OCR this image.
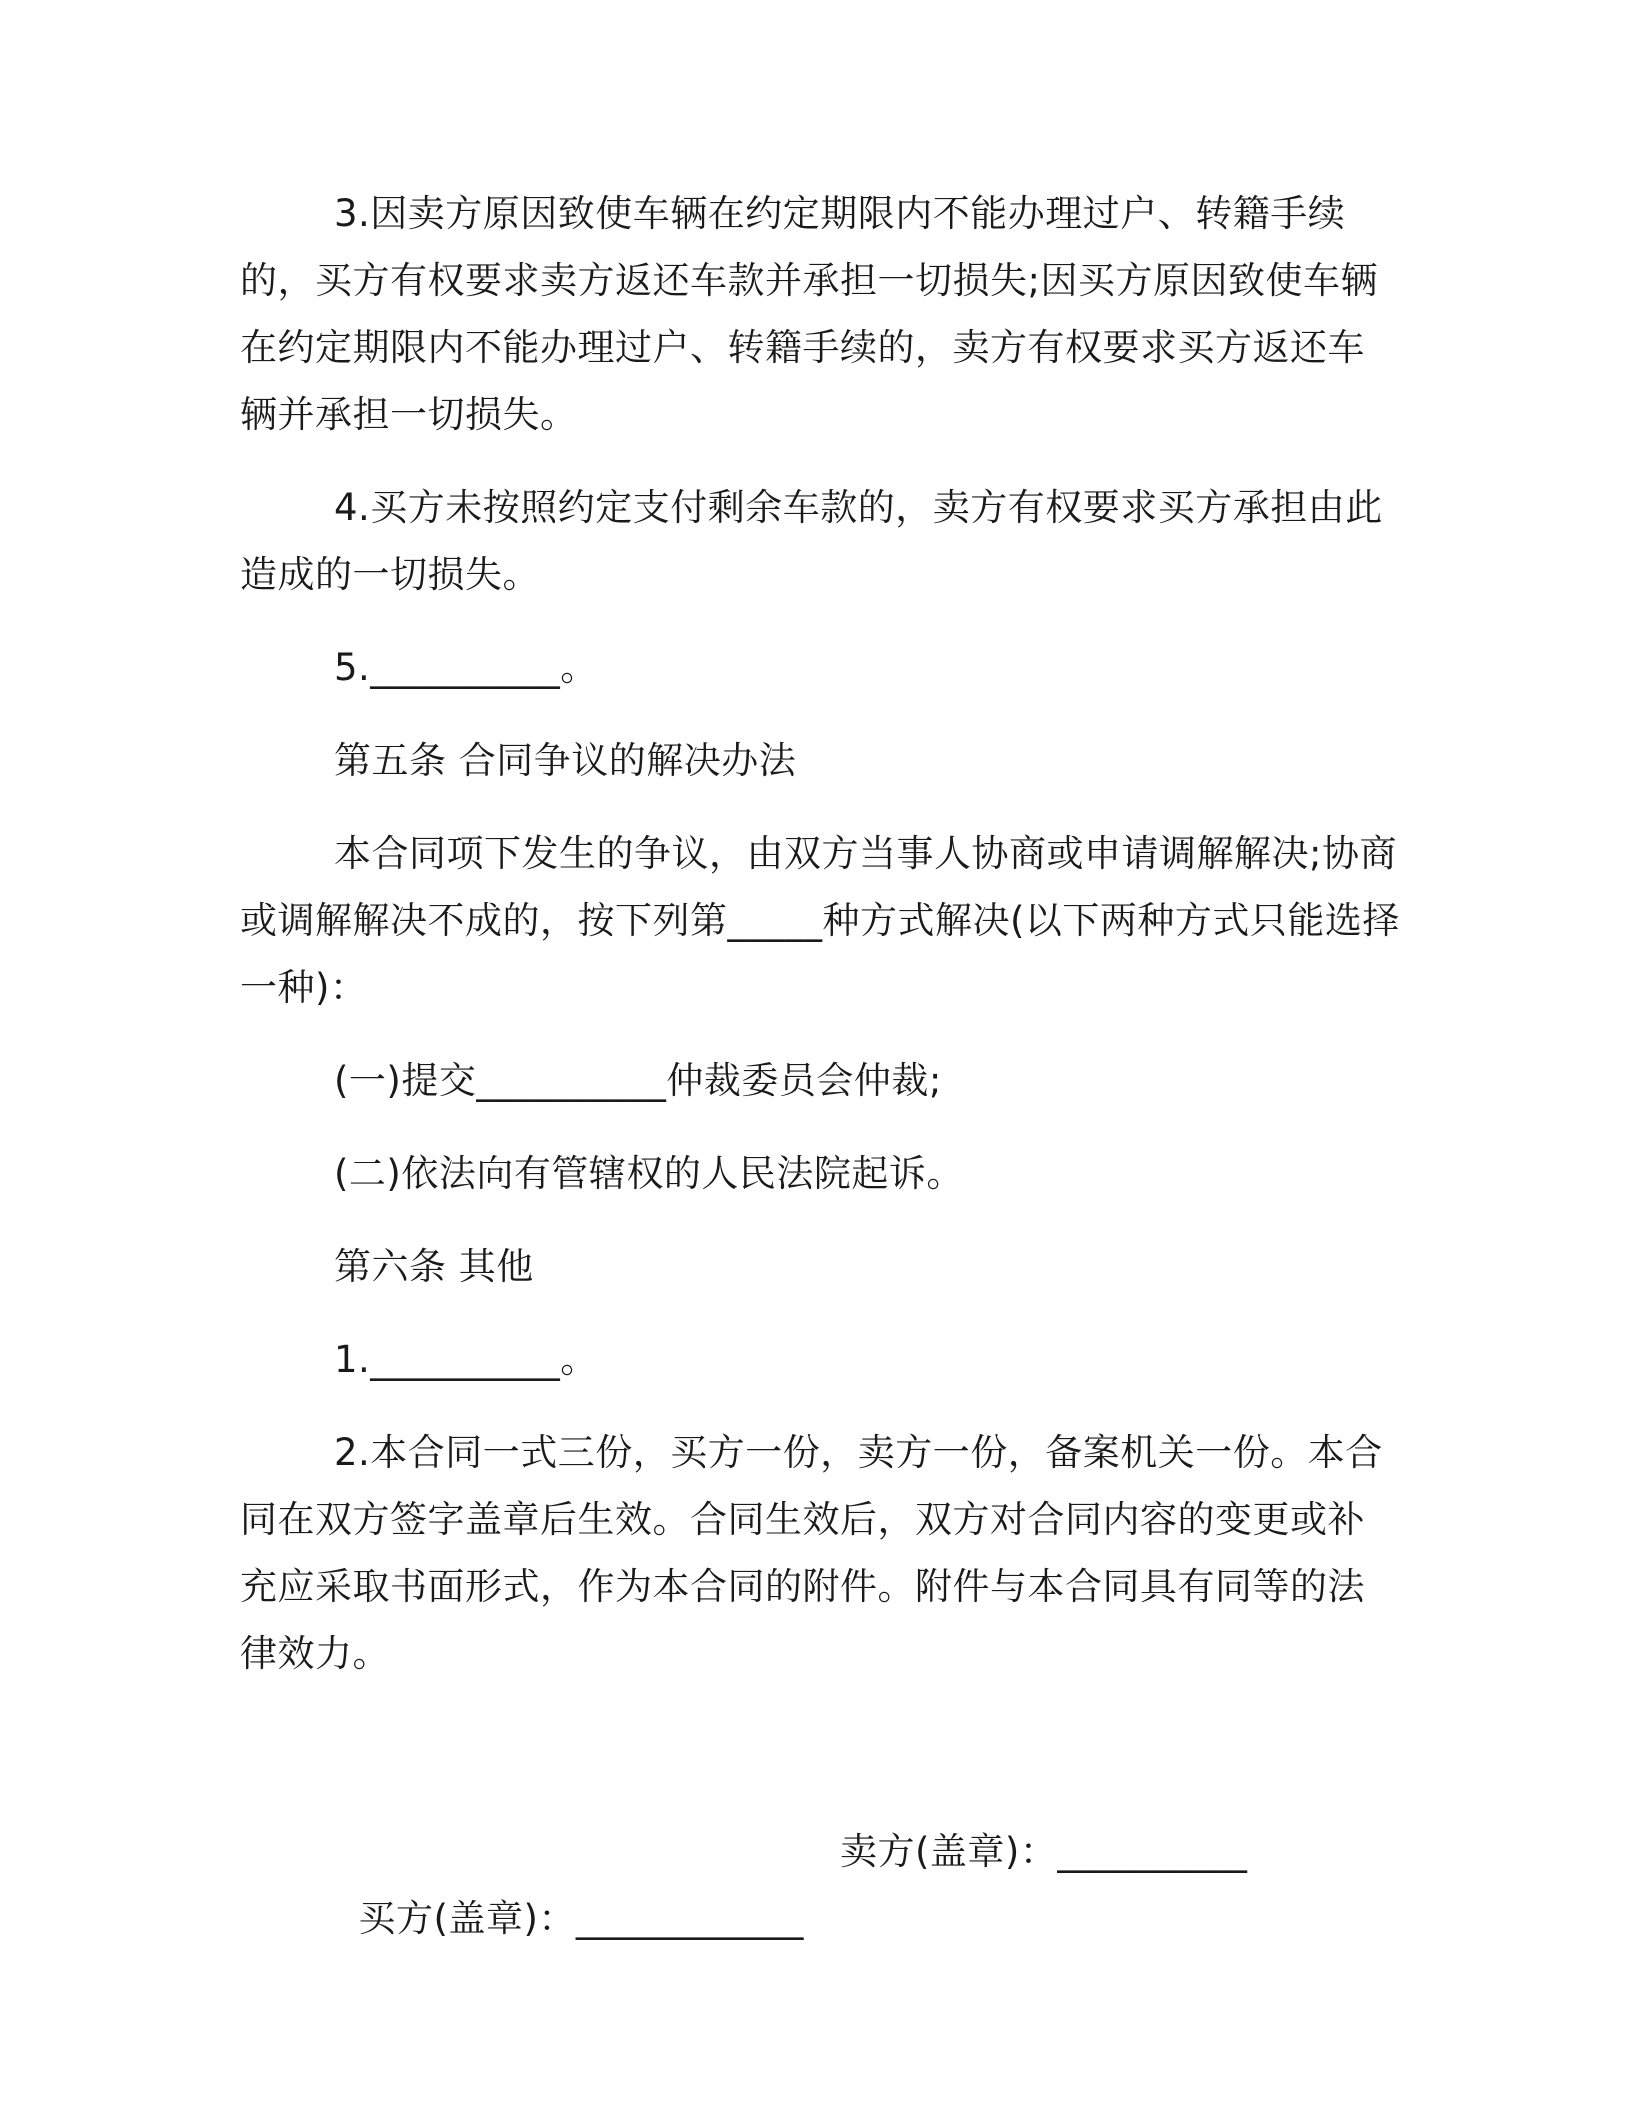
3.因卖方原因致使车辆在约定期限内不能办理过户、转籍手续的，买方有权要求卖方返还车款并承担一切损失;因买方原因致使车辆在约定期限内不能办理过户、转籍手续的，卖方有权要求买方返还车辆并承担一切损失。

4.买方未按照约定支付剩余车款的，卖方有权要求买方承担由此造成的一切损失。

5.__________。

第五条 合同争议的解决办法

本合同项下发生的争议，由双方当事人协商或申请调解解决;协商或调解解决不成的，按下列第_____种方式解决(以下两种方式只能选择一种)：

(一)提交__________仲裁委员会仲裁;

(二)依法向有管辖权的人民法院起诉。

第六条 其他

1.__________。

2.本合同一式三份，买方一份，卖方一份，备案机关一份。本合同在双方签字盖章后生效。合同生效后，双方对合同内容的变更或补充应采取书面形式，作为本合同的附件。附件与本合同具有同等的法律效力。

买方(盖章)：____________

卖方(盖章)：__________
